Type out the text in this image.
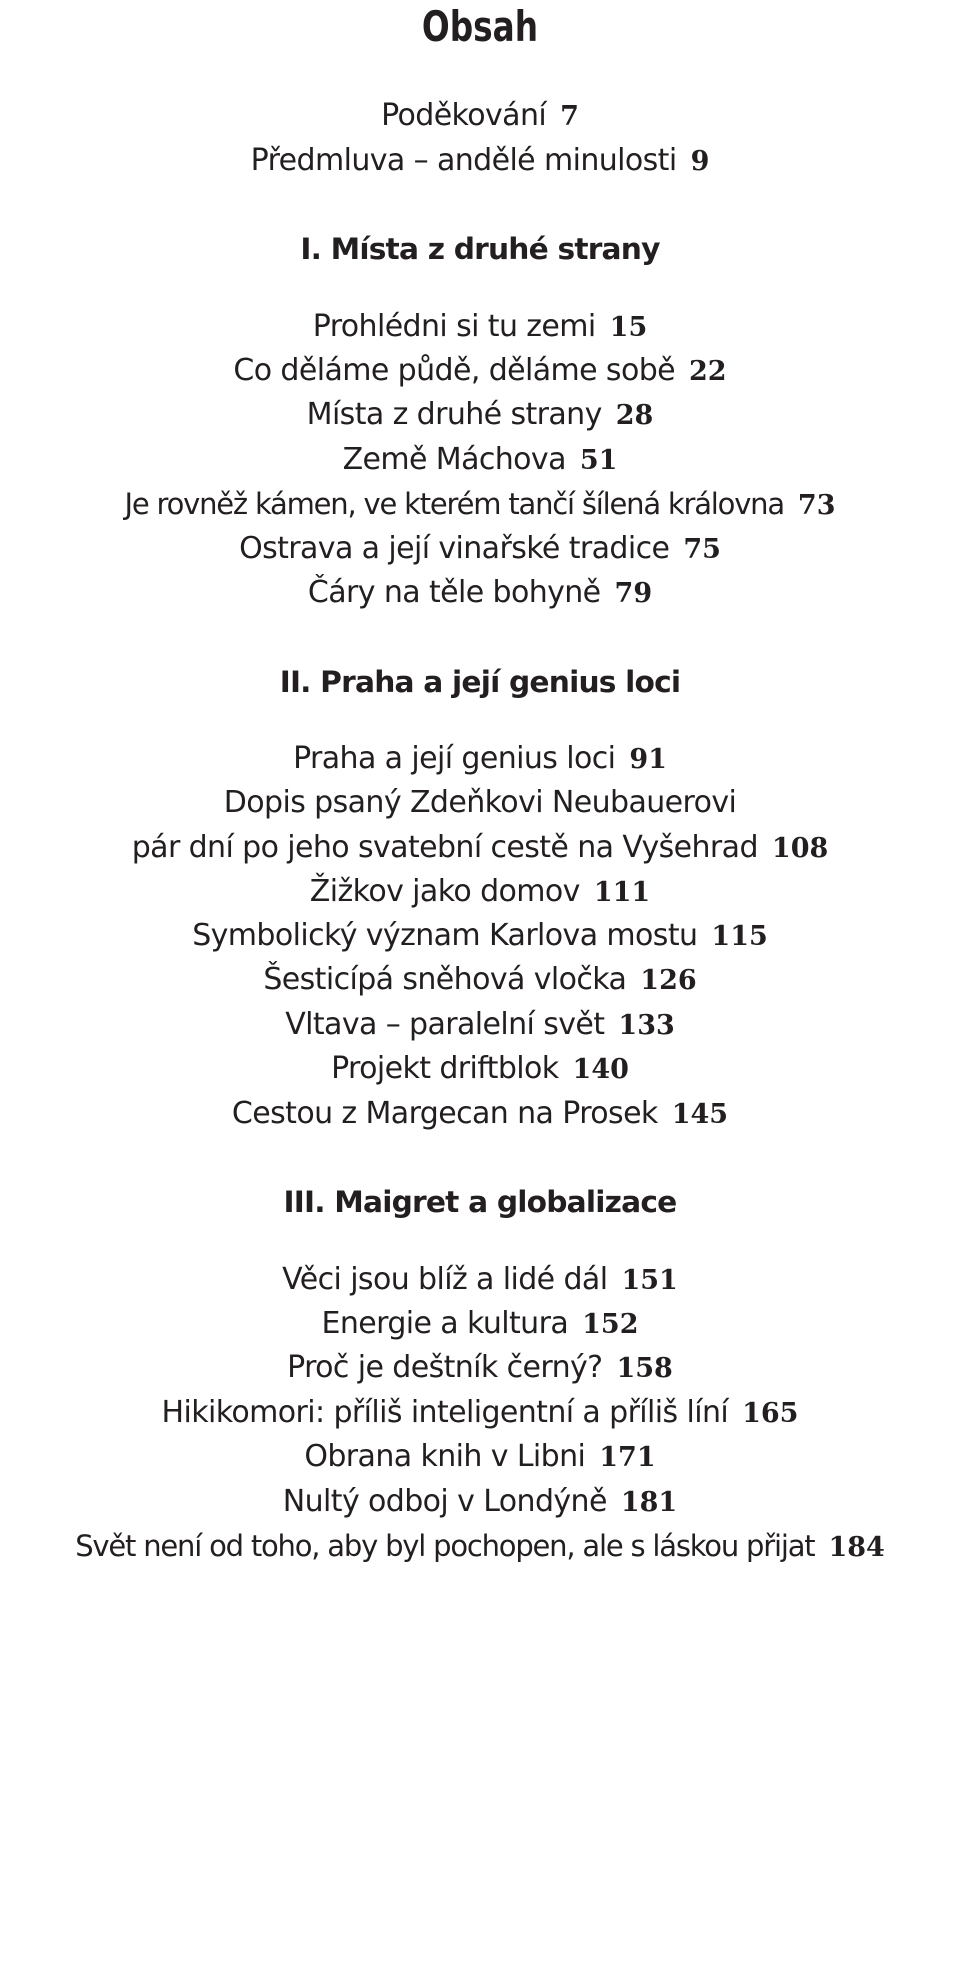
Obsah
Poděkování 7
Předmluva – andělé minulosti 9
I. Místa z druhé strany
Prohlédni si tu zemi 15
Co děláme půdě, děláme sobě 22
Místa z druhé strany 28
Země Máchova 51
Je rovněž kámen, ve kterém tančí šílená královna 73
Ostrava a její vinařské tradice 75
Čáry na těle bohyně 79
II. Praha a její genius loci
Praha a její genius loci 91
Dopis psaný Zdeňkovi Neubauerovi
pár dní po jeho svatební cestě na Vyšehrad 108
Žižkov jako domov 111
Symbolický význam Karlova mostu 115
Šesticípá sněhová vločka 126
Vltava – paralelní svět 133
Projekt driftblok 140
Cestou z Margecan na Prosek 145
III. Maigret a globalizace
Věci jsou blíž a lidé dál 151
Energie a kultura 152
Proč je deštník černý? 158
Hikikomori: příliš inteligentní a příliš líní 165
Obrana knih v Libni 171
Nultý odboj v Londýně 181
Svět není od toho, aby byl pochopen, ale s láskou přijat 184
